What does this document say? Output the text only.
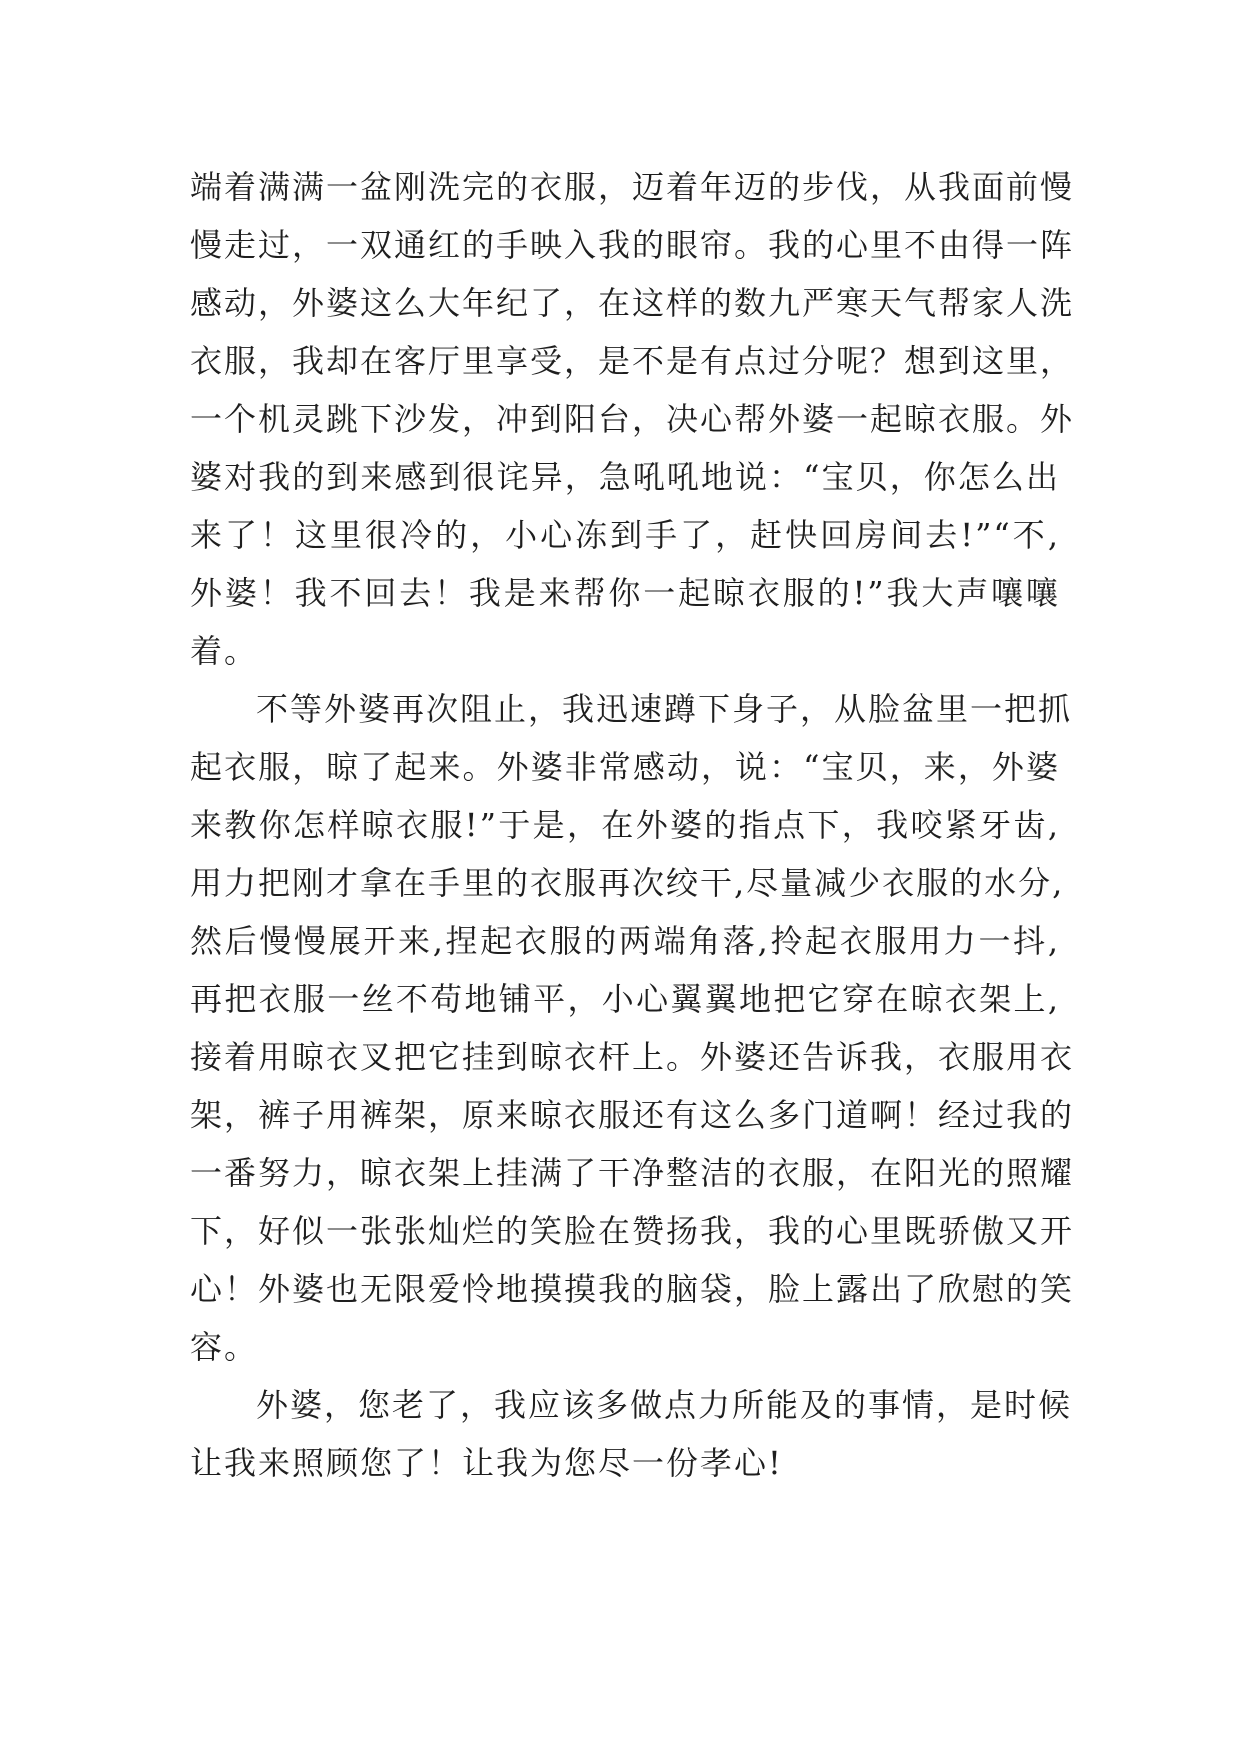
端着满满一盆刚洗完的衣服，迈着年迈的步伐，从我面前慢
慢走过，一双通红的手映入我的眼帘。我的心里不由得一阵
感动，外婆这么大年纪了，在这样的数九严寒天气帮家人洗
衣服，我却在客厅里享受，是不是有点过分呢？想到这里，
一个机灵跳下沙发，冲到阳台，决心帮外婆一起晾衣服。外
婆对我的到来感到很诧异，急吼吼地说：“宝贝，你怎么出
来了！这里很冷的，小心冻到手了，赶快回房间去!”“不,
外婆！我不回去！我是来帮你一起晾衣服的!”我大声嚷嚷
着。
不等外婆再次阻止，我迅速蹲下身子，从脸盆里一把抓
起衣服，晾了起来。外婆非常感动，说：“宝贝，来，外婆
来教你怎样晾衣服!”于是，在外婆的指点下，我咬紧牙齿,
用力把刚才拿在手里的衣服再次绞干,尽量减少衣服的水分,
然后慢慢展开来,捏起衣服的两端角落,拎起衣服用力一抖,
再把衣服一丝不苟地铺平，小心翼翼地把它穿在晾衣架上,
接着用晾衣叉把它挂到晾衣杆上。外婆还告诉我，衣服用衣
架，裤子用裤架，原来晾衣服还有这么多门道啊！经过我的
一番努力，晾衣架上挂满了干净整洁的衣服，在阳光的照耀
下，好似一张张灿烂的笑脸在赞扬我，我的心里既骄傲又开
心！外婆也无限爱怜地摸摸我的脑袋，脸上露出了欣慰的笑
容。
外婆，您老了，我应该多做点力所能及的事情，是时候
让我来照顾您了！让我为您尽一份孝心!
